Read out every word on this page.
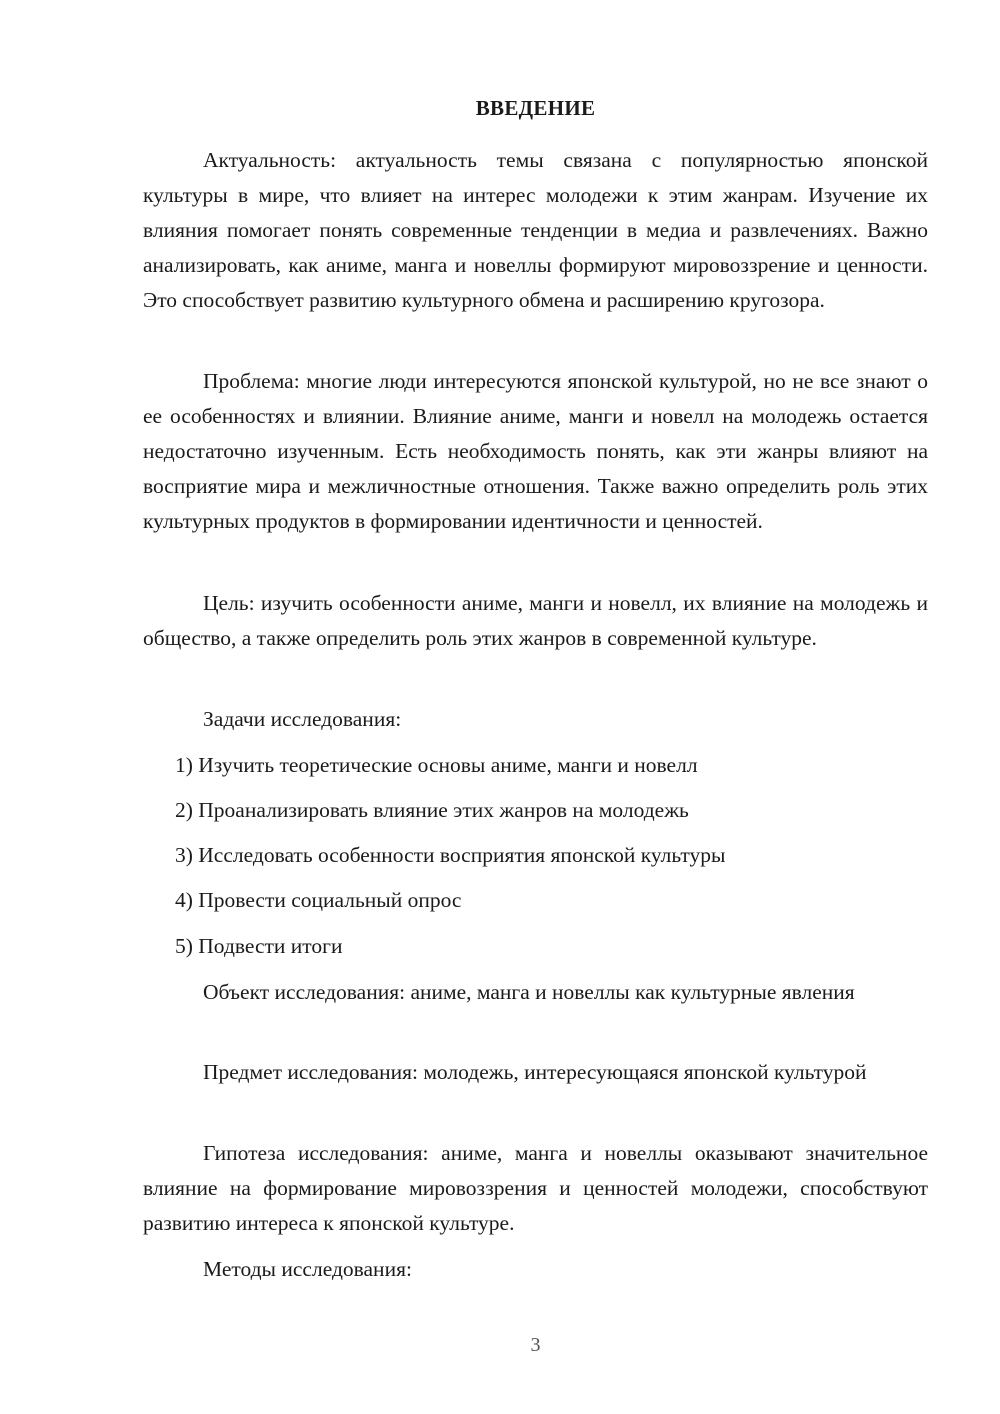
ВВЕДЕНИЕ

Актуальность: актуальность темы связана с популярностью японской культуры в мире, что влияет на интерес молодежи к этим жанрам. Изучение их влияния помогает понять современные тенденции в медиа и развлечениях. Важно анализировать, как аниме, манга и новеллы формируют мировоззрение и ценности. Это способствует развитию культурного обмена и расширению кругозора.

Проблема: многие люди интересуются японской культурой, но не все знают о ее особенностях и влиянии. Влияние аниме, манги и новелл на молодежь остается недостаточно изученным. Есть необходимость понять, как эти жанры влияют на восприятие мира и межличностные отношения. Также важно определить роль этих культурных продуктов в формировании идентичности и ценностей.

Цель: изучить особенности аниме, манги и новелл, их влияние на молодежь и общество, а также определить роль этих жанров в современной культуре.

Задачи исследования:

1) Изучить теоретические основы аниме, манги и новелл

2) Проанализировать влияние этих жанров на молодежь

3) Исследовать особенности восприятия японской культуры

4) Провести социальный опрос

5) Подвести итоги

Объект исследования: аниме, манга и новеллы как культурные явления

Предмет исследования: молодежь, интересующаяся японской культурой

Гипотеза исследования: аниме, манга и новеллы оказывают значительное влияние на формирование мировоззрения и ценностей молодежи, способствуют развитию интереса к японской культуре.

Методы исследования:

3
